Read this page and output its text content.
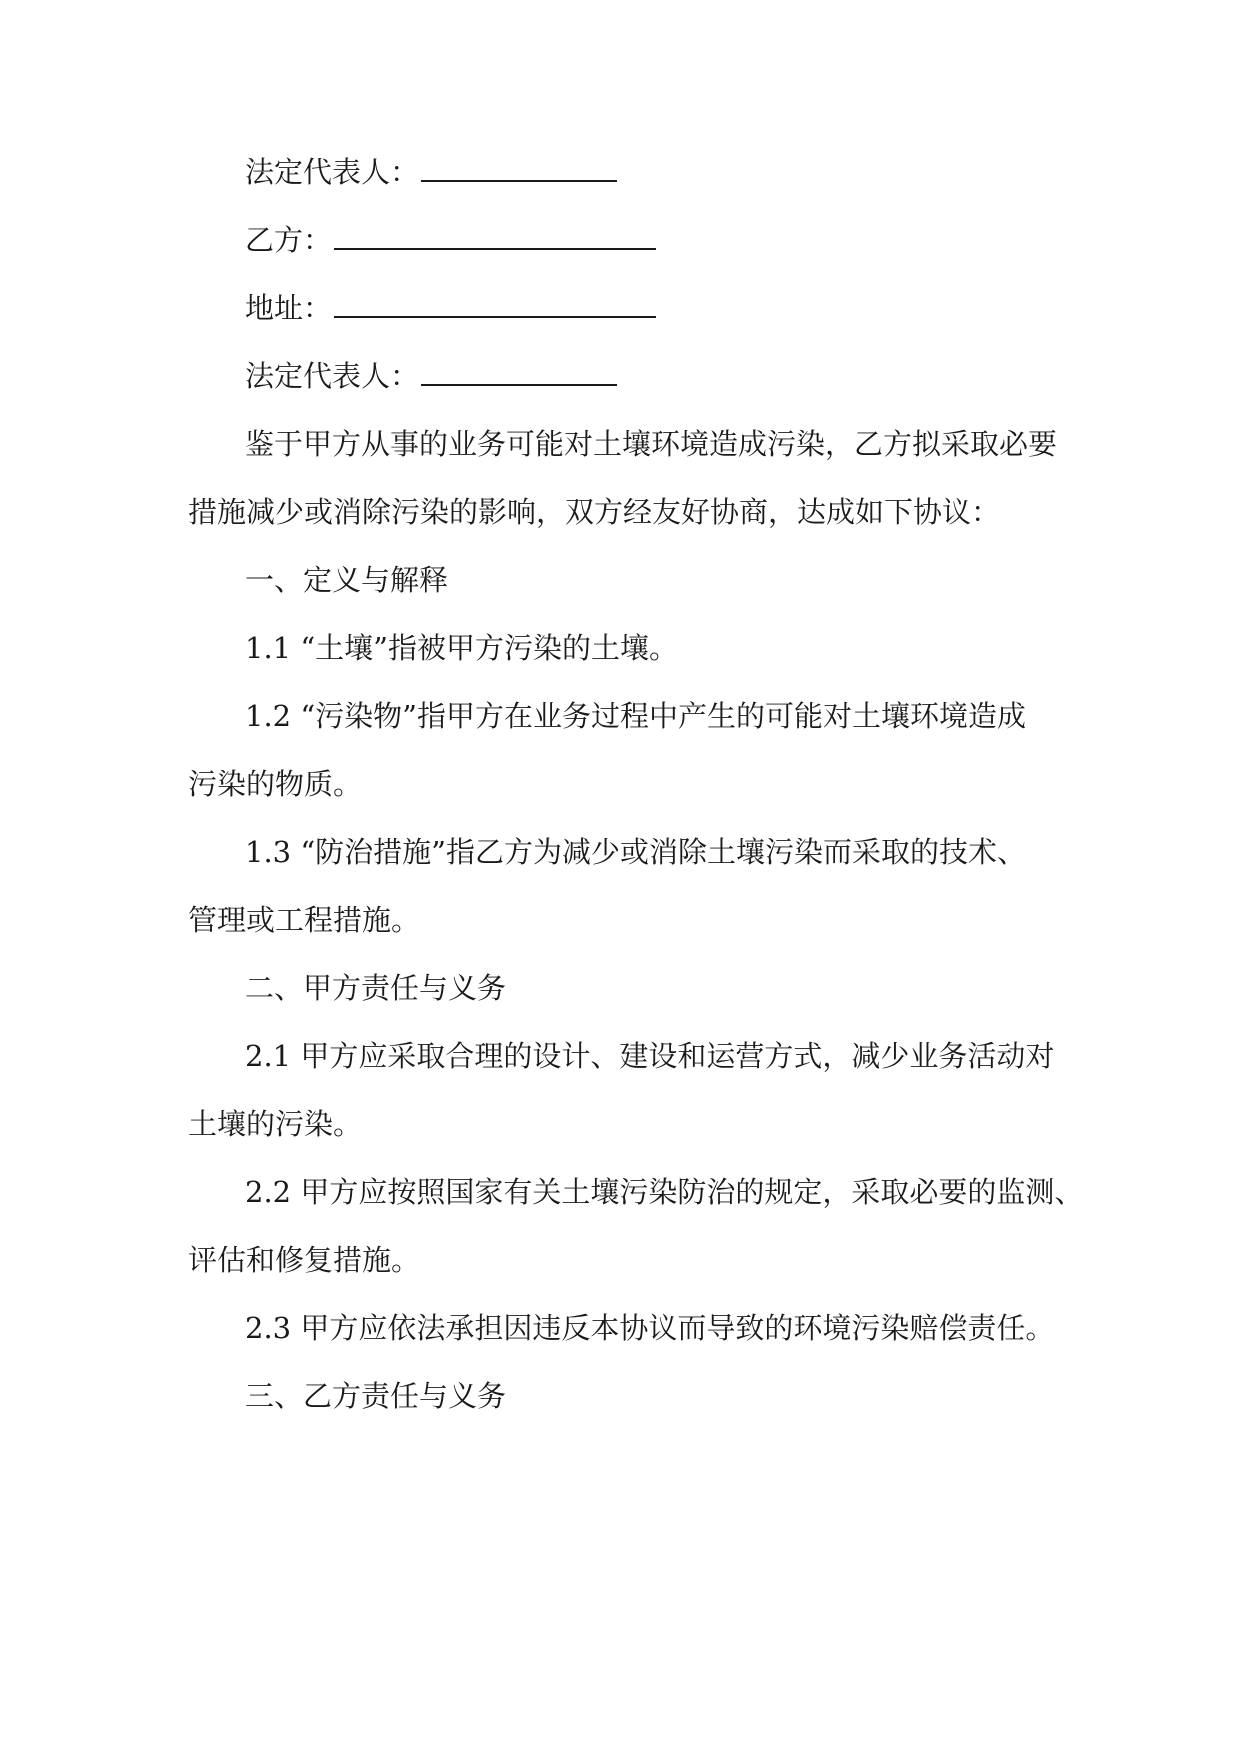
法定代表人：
乙方：
地址：
法定代表人：
鉴于甲方从事的业务可能对土壤环境造成污染，乙方拟采取必要
措施减少或消除污染的影响，双方经友好协商，达成如下协议：
一、定义与解释
1.1 “土壤”指被甲方污染的土壤。
1.2 “污染物”指甲方在业务过程中产生的可能对土壤环境造成
污染的物质。
1.3 “防治措施”指乙方为减少或消除土壤污染而采取的技术、
管理或工程措施。
二、甲方责任与义务
2.1 甲方应采取合理的设计、建设和运营方式，减少业务活动对
土壤的污染。
2.2 甲方应按照国家有关土壤污染防治的规定，采取必要的监测、
评估和修复措施。
2.3 甲方应依法承担因违反本协议而导致的环境污染赔偿责任。
三、乙方责任与义务
